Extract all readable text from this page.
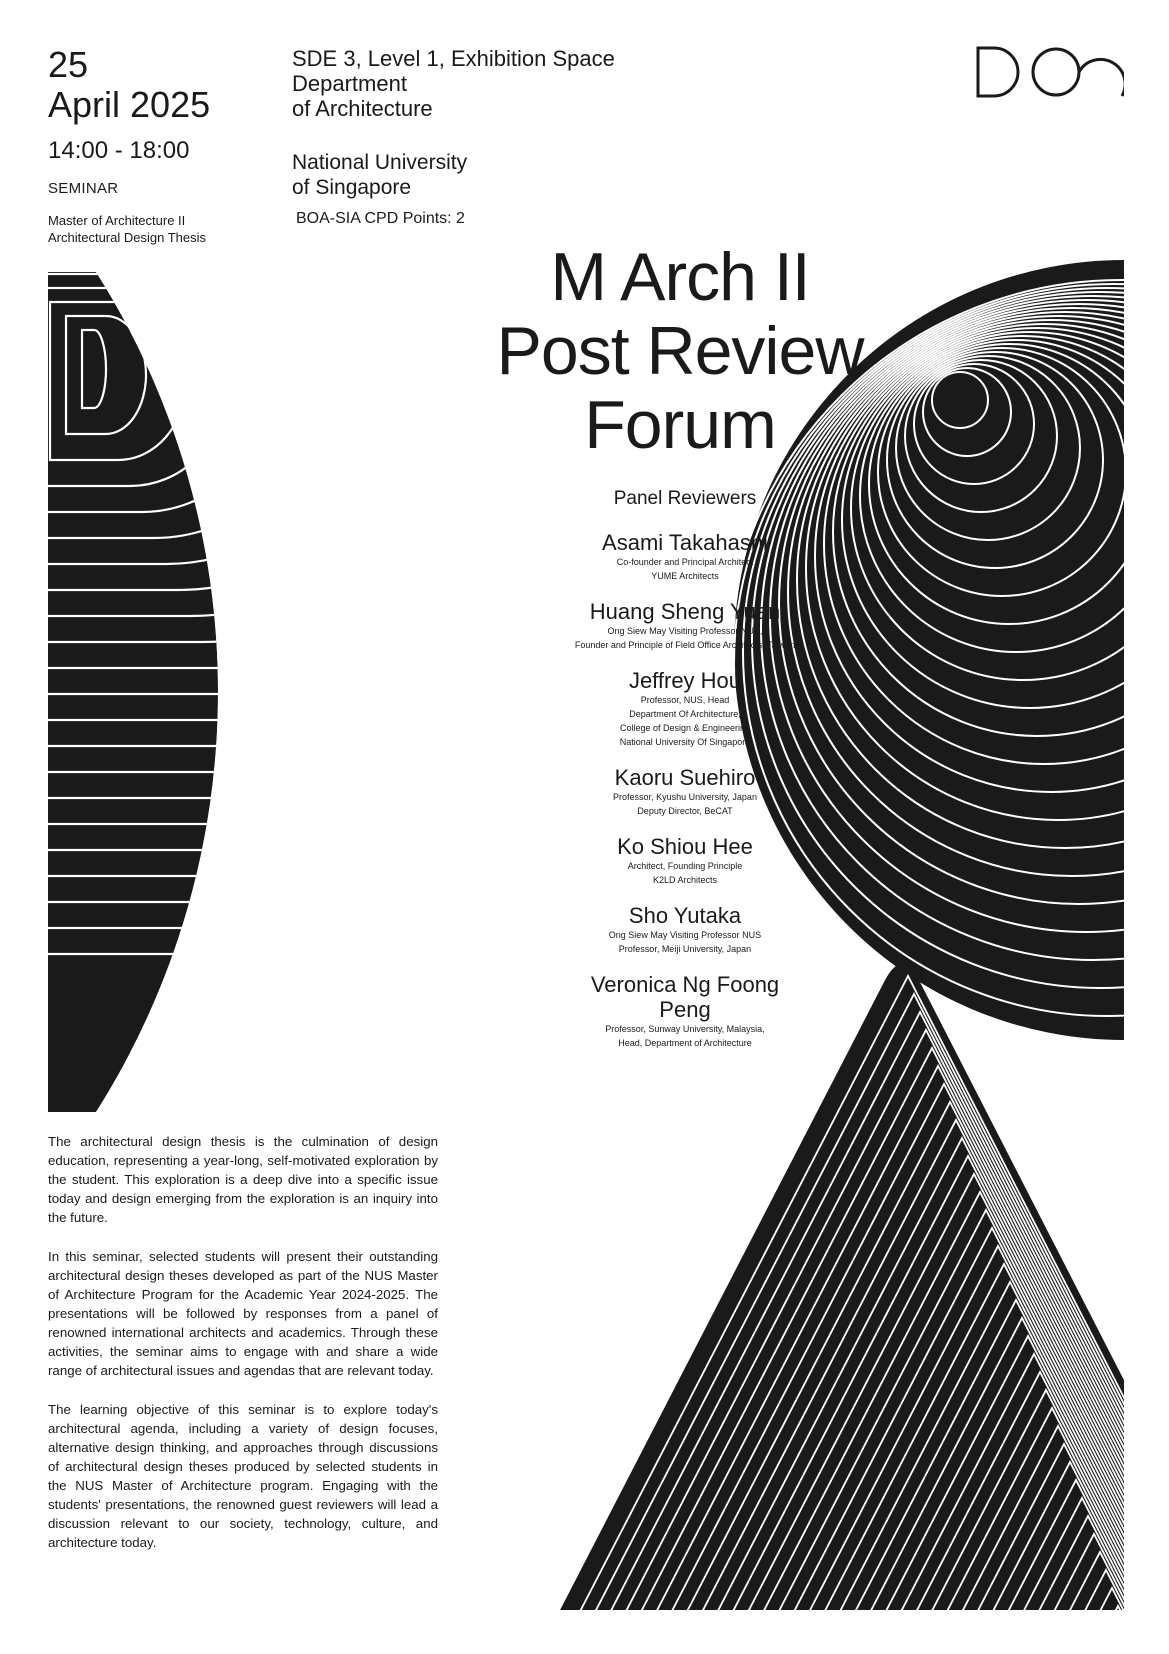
25
April 2025
14:00 - 18:00
SEMINAR
Master of Architecture II
Architectural Design Thesis
SDE 3, Level 1, Exhibition Space
Department
of Architecture
National University
of Singapore
BOA-SIA CPD Points: 2
M Arch II
Post Review
Forum
Panel Reviewers
Asami Takahashi
Co-founder and Principal Architect
YUME Architects
Huang Sheng Yuan
Ong Siew May Visiting Professor NUS,
Founder and Principle of Field Office Architects, Taiwan
Jeffrey Hou
Professor, NUS, Head
Department Of Architecture,
College of Design & Engineering
National University Of Singapore
Kaoru Suehiro
Professor, Kyushu University, Japan
Deputy Director, BeCAT
Ko Shiou Hee
Architect, Founding Principle
K2LD Architects
Sho Yutaka
Ong Siew May Visiting Professor NUS
Professor, Meiji University, Japan
Veronica Ng Foong Peng
Professor, Sunway University, Malaysia,
Head, Department of Architecture

The architectural design thesis is the culmination of design education, representing a year-long, self-motivated exploration by the student. This exploration is a deep dive into a specific issue today and design emerging from the exploration is an inquiry into the future.

In this seminar, selected students will present their outstanding architectural design theses developed as part of the NUS Master of Architecture Program for the Academic Year 2024-2025. The presentations will be followed by responses from a panel of renowned international architects and academics. Through these activities, the seminar aims to engage with and share a wide range of architectural issues and agendas that are relevant today.

The learning objective of this seminar is to explore today's architectural agenda, including a variety of design focuses, alternative design thinking, and approaches through discussions of architectural design theses produced by selected students in the NUS Master of Architecture program. Engaging with the students' presentations, the renowned guest reviewers will lead a discussion relevant to our society, technology, culture, and architecture today.
